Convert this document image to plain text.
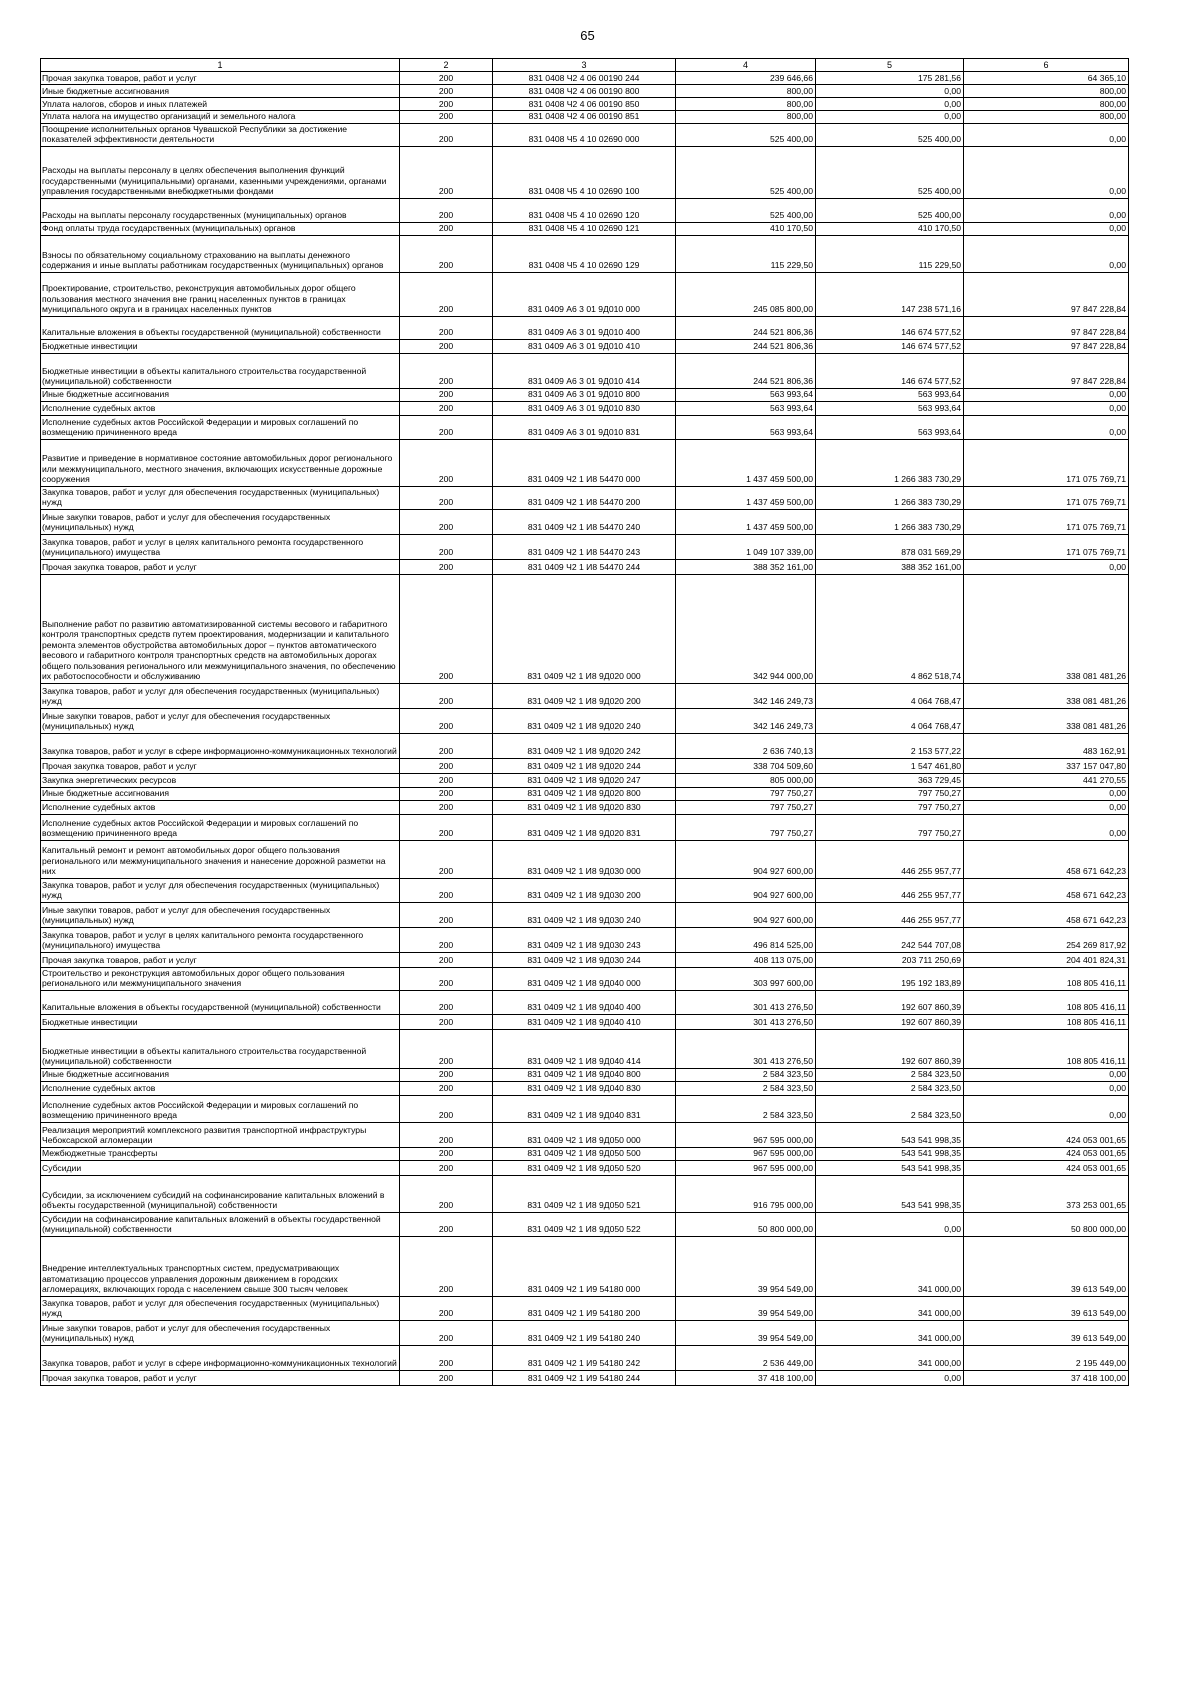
65
1	2	3	4	5	6
Прочая закупка товаров, работ и услуг	200	831 0408 Ч2 4 06 00190 244	239 646,66	175 281,56	64 365,10
Иные бюджетные ассигнования	200	831 0408 Ч2 4 06 00190 800	800,00	0,00	800,00
Уплата налогов, сборов и иных платежей	200	831 0408 Ч2 4 06 00190 850	800,00	0,00	800,00
Уплата налога на имущество организаций и земельного налога	200	831 0408 Ч2 4 06 00190 851	800,00	0,00	800,00
Поощрение исполнительных органов Чувашской Республики за достижение показателей эффективности деятельности	200	831 0408 Ч5 4 10 02690 000	525 400,00	525 400,00	0,00
Расходы на выплаты персоналу в целях обеспечения выполнения функций государственными (муниципальными) органами, казенными учреждениями, органами управления государственными внебюджетными фондами	200	831 0408 Ч5 4 10 02690 100	525 400,00	525 400,00	0,00
Расходы на выплаты персоналу государственных (муниципальных) органов	200	831 0408 Ч5 4 10 02690 120	525 400,00	525 400,00	0,00
Фонд оплаты труда государственных (муниципальных) органов	200	831 0408 Ч5 4 10 02690 121	410 170,50	410 170,50	0,00
Взносы по обязательному социальному страхованию на выплаты денежного содержания и иные выплаты работникам государственных (муниципальных) органов	200	831 0408 Ч5 4 10 02690 129	115 229,50	115 229,50	0,00
Проектирование, строительство, реконструкция автомобильных дорог общего пользования местного значения вне границ населенных пунктов в границах муниципального округа и в границах населенных пунктов	200	831 0409 А6 3 01 9Д010 000	245 085 800,00	147 238 571,16	97 847 228,84
Капитальные вложения в объекты государственной (муниципальной) собственности	200	831 0409 А6 3 01 9Д010 400	244 521 806,36	146 674 577,52	97 847 228,84
Бюджетные инвестиции	200	831 0409 А6 3 01 9Д010 410	244 521 806,36	146 674 577,52	97 847 228,84
Бюджетные инвестиции в объекты капитального строительства государственной (муниципальной) собственности	200	831 0409 А6 3 01 9Д010 414	244 521 806,36	146 674 577,52	97 847 228,84
Иные бюджетные ассигнования	200	831 0409 А6 3 01 9Д010 800	563 993,64	563 993,64	0,00
Исполнение судебных актов	200	831 0409 А6 3 01 9Д010 830	563 993,64	563 993,64	0,00
Исполнение судебных актов Российской Федерации и мировых соглашений по возмещению причиненного вреда	200	831 0409 А6 3 01 9Д010 831	563 993,64	563 993,64	0,00
Развитие и приведение в нормативное состояние автомобильных дорог регионального или межмуниципального, местного значения, включающих искусственные дорожные сооружения	200	831 0409 Ч2 1 И8 54470 000	1 437 459 500,00	1 266 383 730,29	171 075 769,71
Закупка товаров, работ и услуг для обеспечения государственных (муниципальных) нужд	200	831 0409 Ч2 1 И8 54470 200	1 437 459 500,00	1 266 383 730,29	171 075 769,71
Иные закупки товаров, работ и услуг для обеспечения государственных (муниципальных) нужд	200	831 0409 Ч2 1 И8 54470 240	1 437 459 500,00	1 266 383 730,29	171 075 769,71
Закупка товаров, работ и услуг в целях капитального ремонта государственного (муниципального) имущества	200	831 0409 Ч2 1 И8 54470 243	1 049 107 339,00	878 031 569,29	171 075 769,71
Прочая закупка товаров, работ и услуг	200	831 0409 Ч2 1 И8 54470 244	388 352 161,00	388 352 161,00	0,00
Выполнение работ по развитию автоматизированной системы весового и габаритного контроля транспортных средств путем проектирования, модернизации и капитального ремонта элементов обустройства автомобильных дорог – пунктов автоматического весового и габаритного контроля транспортных средств на автомобильных дорогах общего пользования регионального или межмуниципального значения, по обеспечению их работоспособности и обслуживанию	200	831 0409 Ч2 1 И8 9Д020 000	342 944 000,00	4 862 518,74	338 081 481,26
Закупка товаров, работ и услуг для обеспечения государственных (муниципальных) нужд	200	831 0409 Ч2 1 И8 9Д020 200	342 146 249,73	4 064 768,47	338 081 481,26
Иные закупки товаров, работ и услуг для обеспечения государственных (муниципальных) нужд	200	831 0409 Ч2 1 И8 9Д020 240	342 146 249,73	4 064 768,47	338 081 481,26
Закупка товаров, работ и услуг в сфере информационно-коммуникационных технологий	200	831 0409 Ч2 1 И8 9Д020 242	2 636 740,13	2 153 577,22	483 162,91
Прочая закупка товаров, работ и услуг	200	831 0409 Ч2 1 И8 9Д020 244	338 704 509,60	1 547 461,80	337 157 047,80
Закупка энергетических ресурсов	200	831 0409 Ч2 1 И8 9Д020 247	805 000,00	363 729,45	441 270,55
Иные бюджетные ассигнования	200	831 0409 Ч2 1 И8 9Д020 800	797 750,27	797 750,27	0,00
Исполнение судебных актов	200	831 0409 Ч2 1 И8 9Д020 830	797 750,27	797 750,27	0,00
Исполнение судебных актов Российской Федерации и мировых соглашений по возмещению причиненного вреда	200	831 0409 Ч2 1 И8 9Д020 831	797 750,27	797 750,27	0,00
Капитальный ремонт и ремонт автомобильных дорог общего пользования регионального или межмуниципального значения и нанесение дорожной разметки на них	200	831 0409 Ч2 1 И8 9Д030 000	904 927 600,00	446 255 957,77	458 671 642,23
Закупка товаров, работ и услуг для обеспечения государственных (муниципальных) нужд	200	831 0409 Ч2 1 И8 9Д030 200	904 927 600,00	446 255 957,77	458 671 642,23
Иные закупки товаров, работ и услуг для обеспечения государственных (муниципальных) нужд	200	831 0409 Ч2 1 И8 9Д030 240	904 927 600,00	446 255 957,77	458 671 642,23
Закупка товаров, работ и услуг в целях капитального ремонта государственного (муниципального) имущества	200	831 0409 Ч2 1 И8 9Д030 243	496 814 525,00	242 544 707,08	254 269 817,92
Прочая закупка товаров, работ и услуг	200	831 0409 Ч2 1 И8 9Д030 244	408 113 075,00	203 711 250,69	204 401 824,31
Строительство и реконструкция автомобильных дорог общего пользования регионального или межмуниципального значения	200	831 0409 Ч2 1 И8 9Д040 000	303 997 600,00	195 192 183,89	108 805 416,11
Капитальные вложения в объекты государственной (муниципальной) собственности	200	831 0409 Ч2 1 И8 9Д040 400	301 413 276,50	192 607 860,39	108 805 416,11
Бюджетные инвестиции	200	831 0409 Ч2 1 И8 9Д040 410	301 413 276,50	192 607 860,39	108 805 416,11
Бюджетные инвестиции в объекты капитального строительства государственной (муниципальной) собственности	200	831 0409 Ч2 1 И8 9Д040 414	301 413 276,50	192 607 860,39	108 805 416,11
Иные бюджетные ассигнования	200	831 0409 Ч2 1 И8 9Д040 800	2 584 323,50	2 584 323,50	0,00
Исполнение судебных актов	200	831 0409 Ч2 1 И8 9Д040 830	2 584 323,50	2 584 323,50	0,00
Исполнение судебных актов Российской Федерации и мировых соглашений по возмещению причиненного вреда	200	831 0409 Ч2 1 И8 9Д040 831	2 584 323,50	2 584 323,50	0,00
Реализация мероприятий комплексного развития транспортной инфраструктуры Чебоксарской агломерации	200	831 0409 Ч2 1 И8 9Д050 000	967 595 000,00	543 541 998,35	424 053 001,65
Межбюджетные трансферты	200	831 0409 Ч2 1 И8 9Д050 500	967 595 000,00	543 541 998,35	424 053 001,65
Субсидии	200	831 0409 Ч2 1 И8 9Д050 520	967 595 000,00	543 541 998,35	424 053 001,65
Субсидии, за исключением субсидий на софинансирование капитальных вложений в объекты государственной (муниципальной) собственности	200	831 0409 Ч2 1 И8 9Д050 521	916 795 000,00	543 541 998,35	373 253 001,65
Субсидии на софинансирование капитальных вложений в объекты государственной (муниципальной) собственности	200	831 0409 Ч2 1 И8 9Д050 522	50 800 000,00	0,00	50 800 000,00
Внедрение интеллектуальных транспортных систем, предусматривающих автоматизацию процессов управления дорожным движением в городских агломерациях, включающих города с населением свыше 300 тысяч человек	200	831 0409 Ч2 1 И9 54180 000	39 954 549,00	341 000,00	39 613 549,00
Закупка товаров, работ и услуг для обеспечения государственных (муниципальных) нужд	200	831 0409 Ч2 1 И9 54180 200	39 954 549,00	341 000,00	39 613 549,00
Иные закупки товаров, работ и услуг для обеспечения государственных (муниципальных) нужд	200	831 0409 Ч2 1 И9 54180 240	39 954 549,00	341 000,00	39 613 549,00
Закупка товаров, работ и услуг в сфере информационно-коммуникационных технологий	200	831 0409 Ч2 1 И9 54180 242	2 536 449,00	341 000,00	2 195 449,00
Прочая закупка товаров, работ и услуг	200	831 0409 Ч2 1 И9 54180 244	37 418 100,00	0,00	37 418 100,00
